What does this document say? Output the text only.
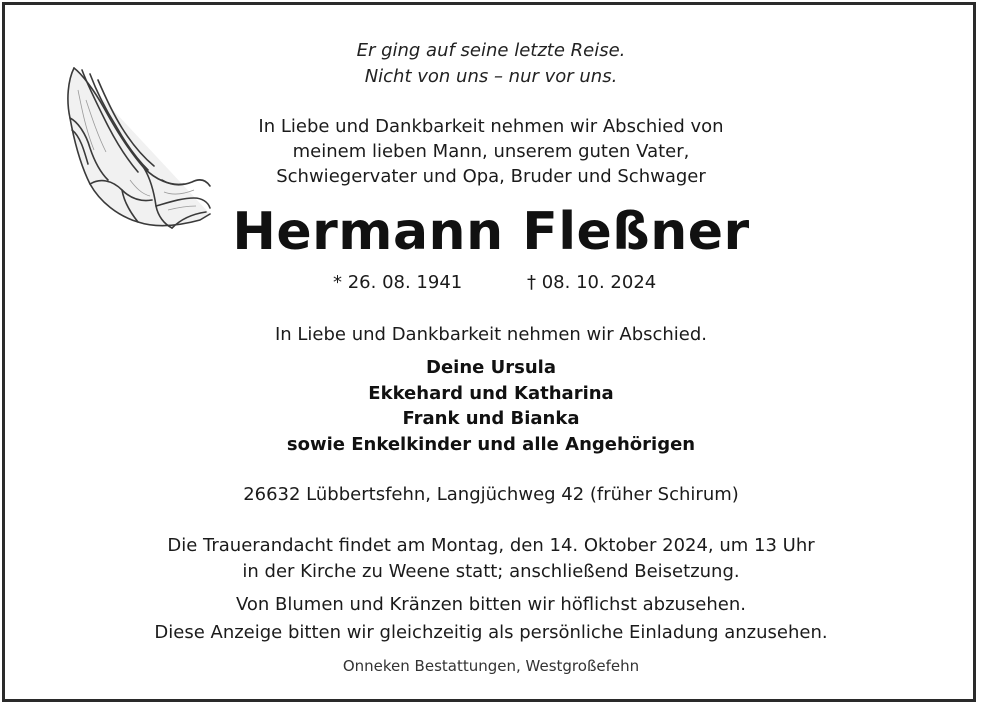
Er ging auf seine letzte Reise.
Nicht von uns – nur vor uns.
In Liebe und Dankbarkeit nehmen wir Abschied von
meinem lieben Mann, unserem guten Vater,
Schwiegervater und Opa, Bruder und Schwager
Hermann Fleßner
* 26. 08. 1941	† 08. 10. 2024
In Liebe und Dankbarkeit nehmen wir Abschied.
Deine Ursula
Ekkehard und Katharina
Frank und Bianka
sowie Enkelkinder und alle Angehörigen
26632 Lübbertsfehn, Langjüchweg 42 (früher Schirum)
Die Trauerandacht findet am Montag, den 14. Oktober 2024, um 13 Uhr
in der Kirche zu Weene statt; anschließend Beisetzung.
Von Blumen und Kränzen bitten wir höflichst abzusehen.
Diese Anzeige bitten wir gleichzeitig als persönliche Einladung anzusehen.
Onneken Bestattungen, Westgroßefehn
